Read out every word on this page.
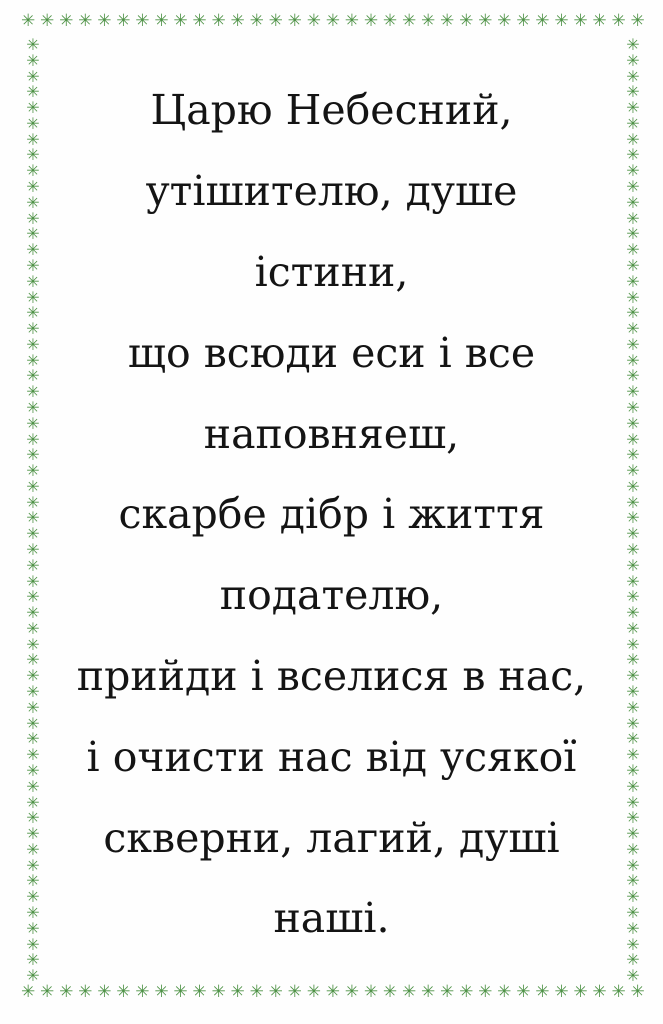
✳ ✳ ✳ ✳ ✳ ✳ ✳ ✳ ✳ ✳ ✳ ✳ ✳ ✳ ✳ ✳ ✳ ✳ ✳ ✳ ✳ ✳ ✳ ✳ ✳ ✳ ✳ ✳ ✳ ✳ ✳ ✳ ✳
✳
✳
✳
✳
✳
✳
✳
✳
✳
✳
✳
✳
✳
✳
✳
✳
✳
✳
✳
✳
✳
✳
✳
✳
✳
✳
✳
✳
✳
✳
✳
✳
✳
✳
✳
✳
✳
✳
✳
✳
✳
✳
✳
✳
✳
✳
✳
✳
✳
✳
✳
✳
✳
✳
✳
✳
✳
✳
✳
✳
✳
✳
✳
✳
✳
✳
✳
✳
✳
✳
✳
✳
✳
✳
✳
✳
✳
✳
✳
✳
✳
✳
✳
✳
✳
✳
✳
✳
✳
✳
✳
✳
✳
✳
✳
✳
✳
✳
✳
✳
✳
✳
✳
✳
✳
✳
✳
✳
✳
✳
✳
✳
✳
✳
✳
✳
✳
✳
✳
✳
✳ ✳ ✳ ✳ ✳ ✳ ✳ ✳ ✳ ✳ ✳ ✳ ✳ ✳ ✳ ✳ ✳ ✳ ✳ ✳ ✳ ✳ ✳ ✳ ✳ ✳ ✳ ✳ ✳ ✳ ✳ ✳ ✳
Царю Небесний,
утішителю, душе
істини,
що всюди еси і все
наповняеш,
скарбе дібр і життя
подателю,
прийди і вселися в нас,
і очисти нас від усякої
скверни, лагий, душі
наші.
